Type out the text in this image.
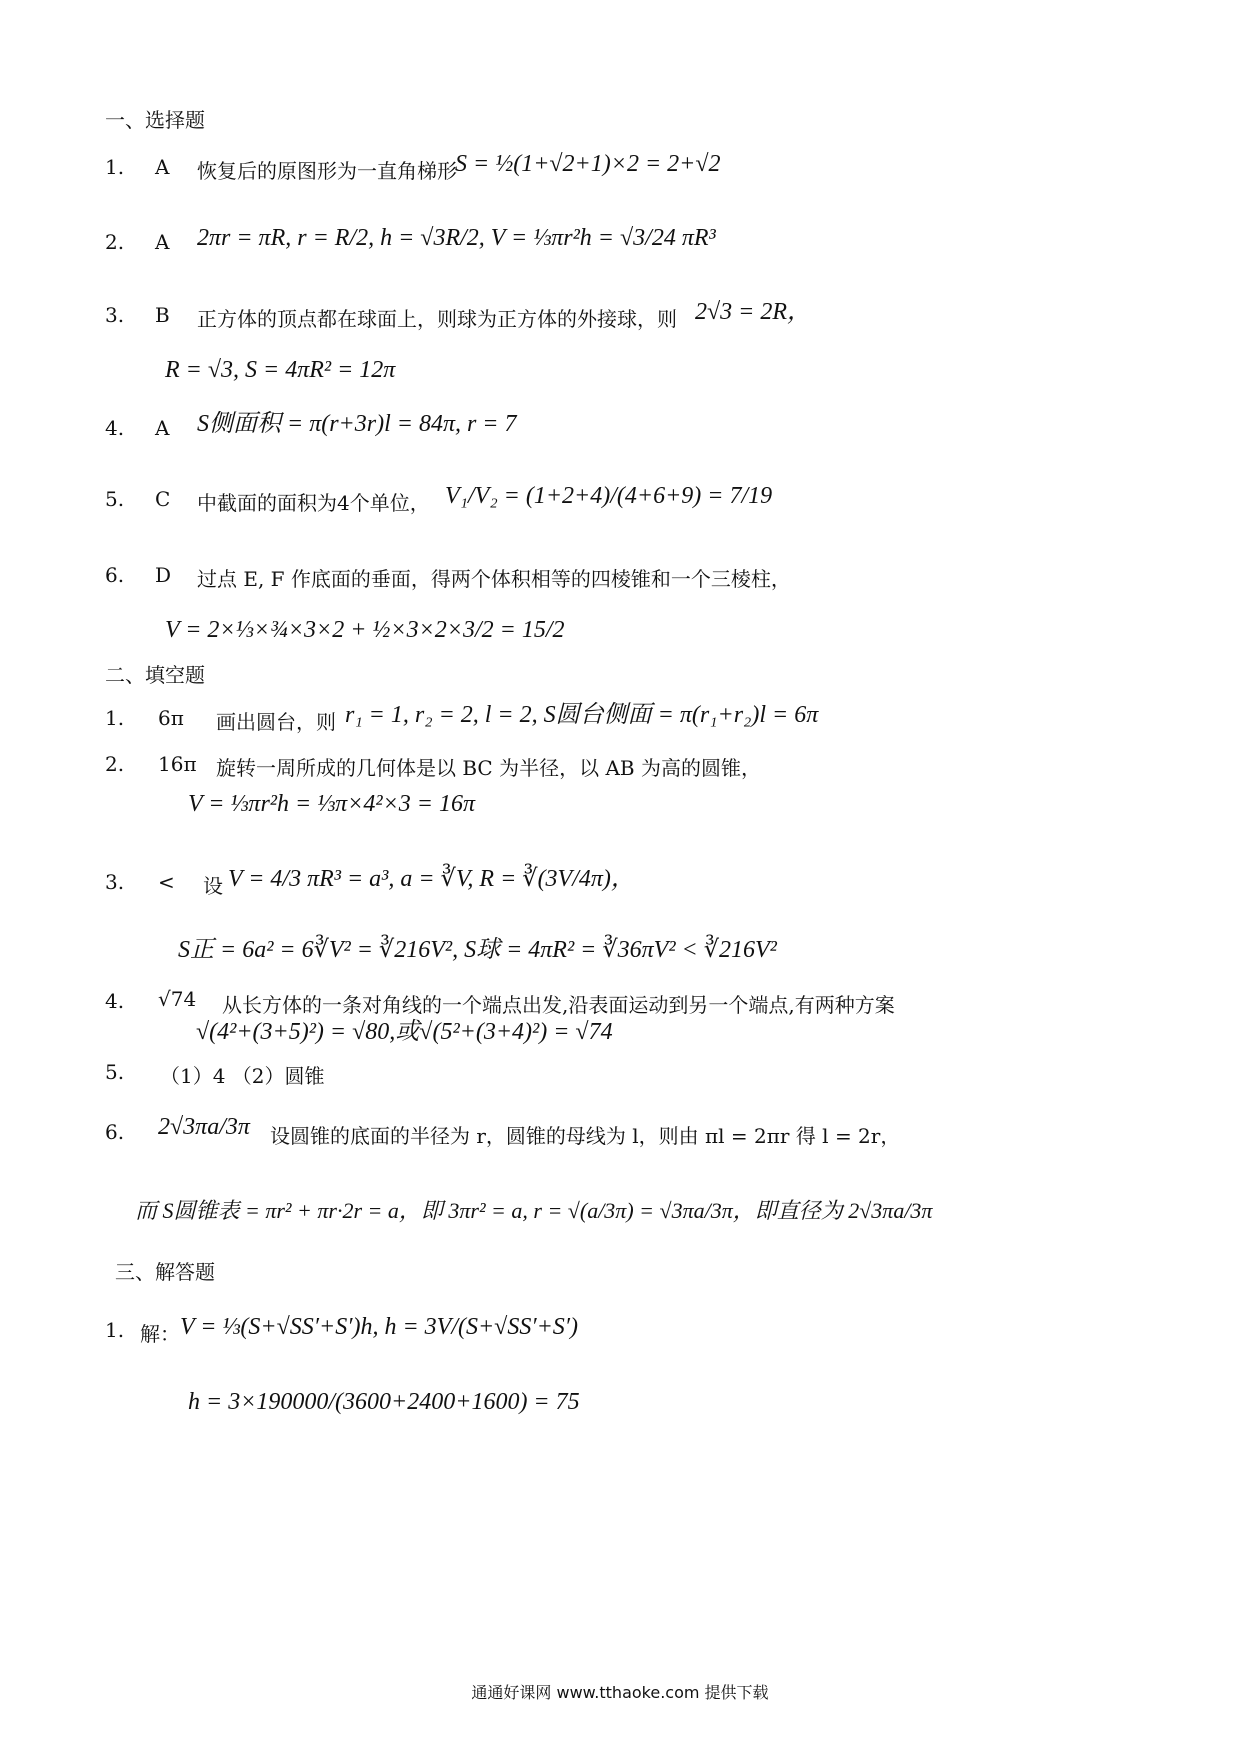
一、选择题
1. A 恢复后的原图形为一直角梯形
S = ½(1+√2+1)×2 = 2+√2
2. A 2πr = πR, r = R/2, h = √3R/2, V = ⅓πr²h = √3/24 πR³
3. B 正方体的顶点都在球面上，则球为正方体的外接球，则 2√3 = 2R，
R = √3, S = 4πR² = 12π
4. A S侧面积 = π(r+3r)l = 84π, r = 7
5. C 中截面的面积为4个单位， V₁/V₂ = (1+2+4)/(4+6+9) = 7/19
6. D 过点 E, F 作底面的垂面，得两个体积相等的四棱锥和一个三棱柱，
V = 2×⅓×¾×3×2 + ½×3×2×3/2 = 15/2
二、填空题
1. 6π 画出圆台，则 r₁ = 1, r₂ = 2, l = 2, S圆台侧面 = π(r₁+r₂)l = 6π
2. 16π 旋转一周所成的几何体是以 BC 为半径，以 AB 为高的圆锥，
V = ⅓πr²h = ⅓π×4²×3 = 16π
3. < 设 V = 4/3 πR³ = a³, a = ∛V, R = ∛(3V/4π)，
S正 = 6a² = 6∛V² = ∛216V², S球 = 4πR² = ∛36πV² < ∛216V²
4. √74 从长方体的一条对角线的一个端点出发,沿表面运动到另一个端点,有两种方案
√(4²+(3+5)²) = √80,或√(5²+(3+4)²) = √74
5. （1）4 （2）圆锥
6. 2√3πa/3π 设圆锥的底面的半径为 r，圆锥的母线为 l，则由 πl = 2πr 得 l = 2r，
而 S圆锥表 = πr² + πr·2r = a，即 3πr² = a, r = √(a/3π) = √3πa/3π，即直径为 2√3πa/3π
三、解答题
1. 解： V = ⅓(S+√SS′+S′)h, h = 3V/(S+√SS′+S′)
h = 3×190000/(3600+2400+1600) = 75
通通好课网 www.tthaoke.com 提供下载
